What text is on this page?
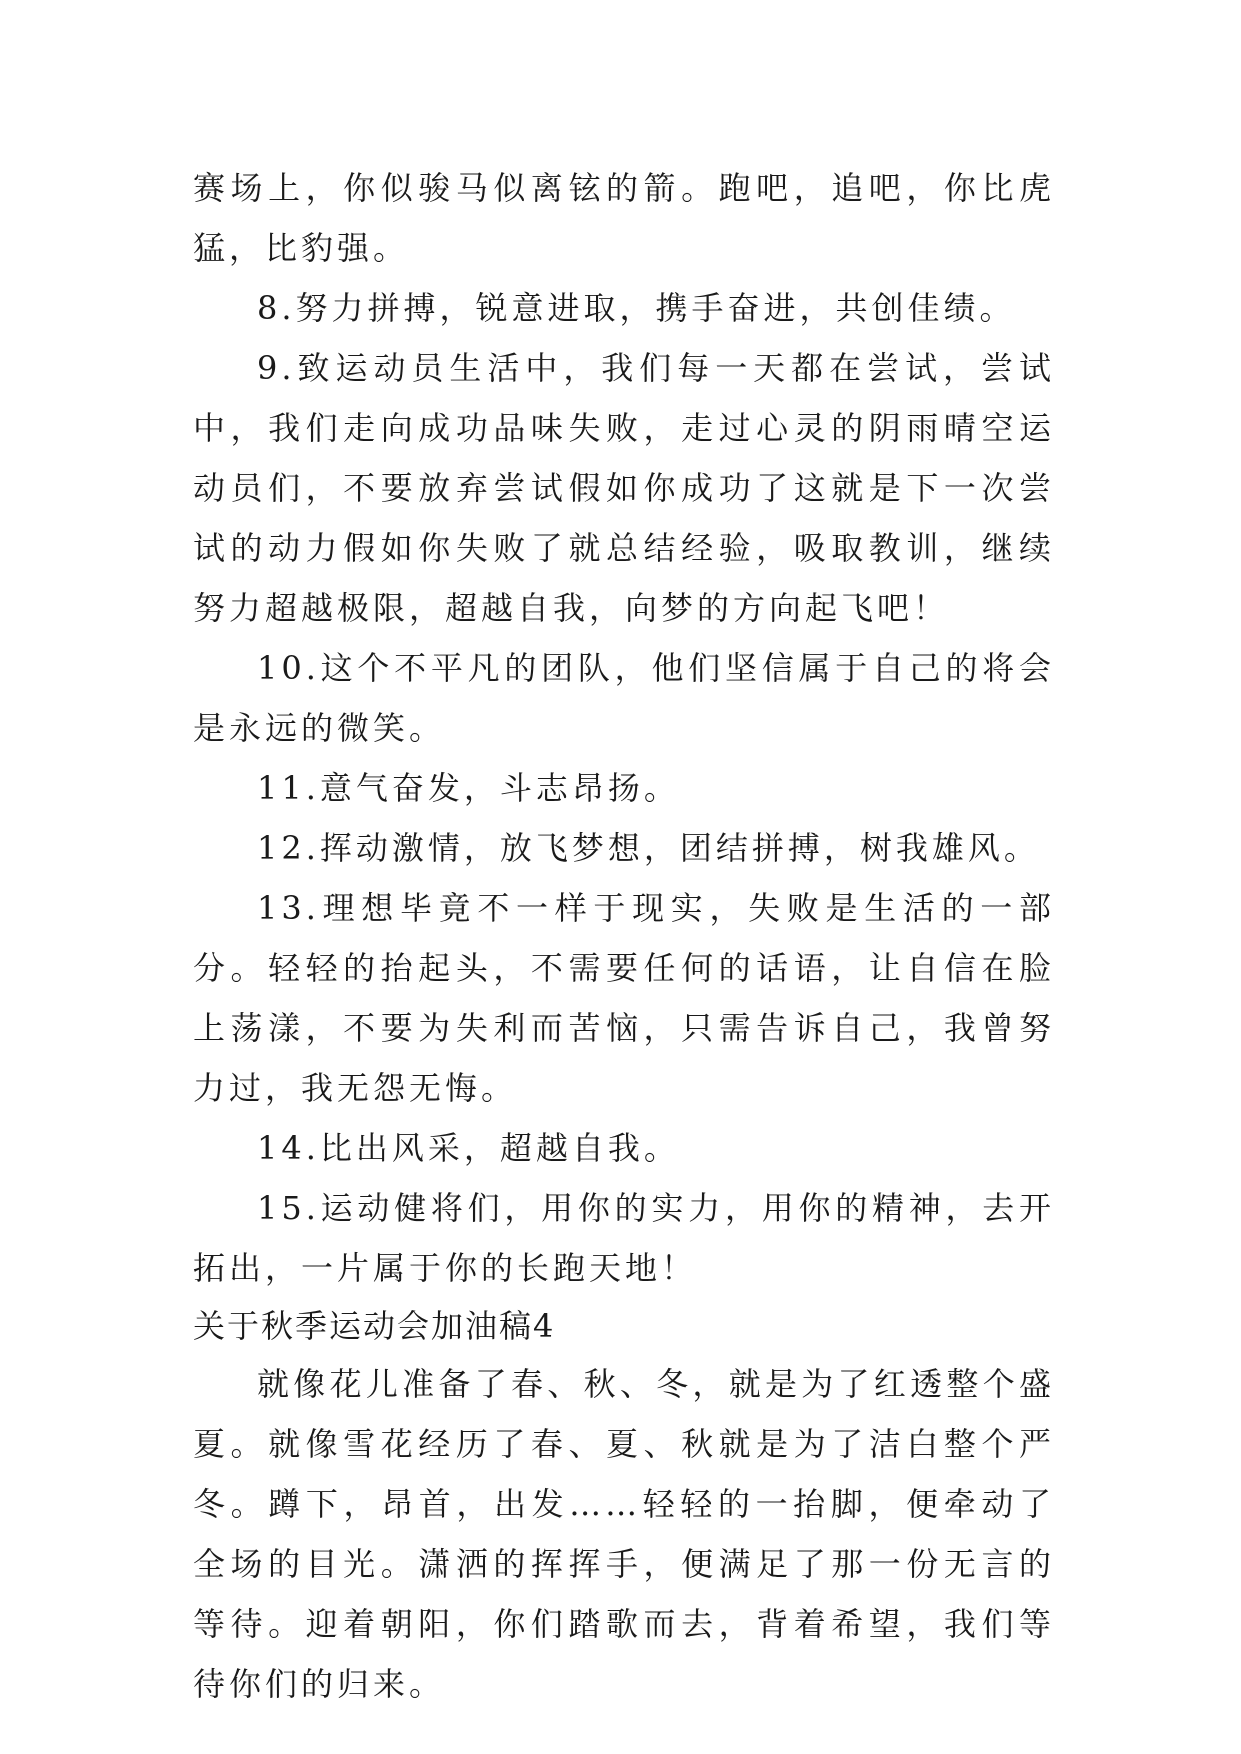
赛场上，你似骏马似离铉的箭。跑吧，追吧，你比虎猛，比豹强。

8.努力拼搏，锐意进取，携手奋进，共创佳绩。

9.致运动员生活中，我们每一天都在尝试，尝试中，我们走向成功品味失败，走过心灵的阴雨晴空运动员们，不要放弃尝试假如你成功了这就是下一次尝试的动力假如你失败了就总结经验，吸取教训，继续努力超越极限，超越自我，向梦的方向起飞吧！

10.这个不平凡的团队，他们坚信属于自己的将会是永远的微笑。

11.意气奋发，斗志昂扬。

12.挥动激情，放飞梦想，团结拼搏，树我雄风。

13.理想毕竟不一样于现实，失败是生活的一部分。轻轻的抬起头，不需要任何的话语，让自信在脸上荡漾，不要为失利而苦恼，只需告诉自己，我曾努力过，我无怨无悔。

14.比出风采，超越自我。

15.运动健将们，用你的实力，用你的精神，去开拓出，一片属于你的长跑天地！

关于秋季运动会加油稿4

就像花儿准备了春、秋、冬，就是为了红透整个盛夏。就像雪花经历了春、夏、秋就是为了洁白整个严冬。蹲下，昂首，出发……轻轻的一抬脚，便牵动了全场的目光。潇洒的挥挥手，便满足了那一份无言的等待。迎着朝阳，你们踏歌而去，背着希望，我们等待你们的归来。
